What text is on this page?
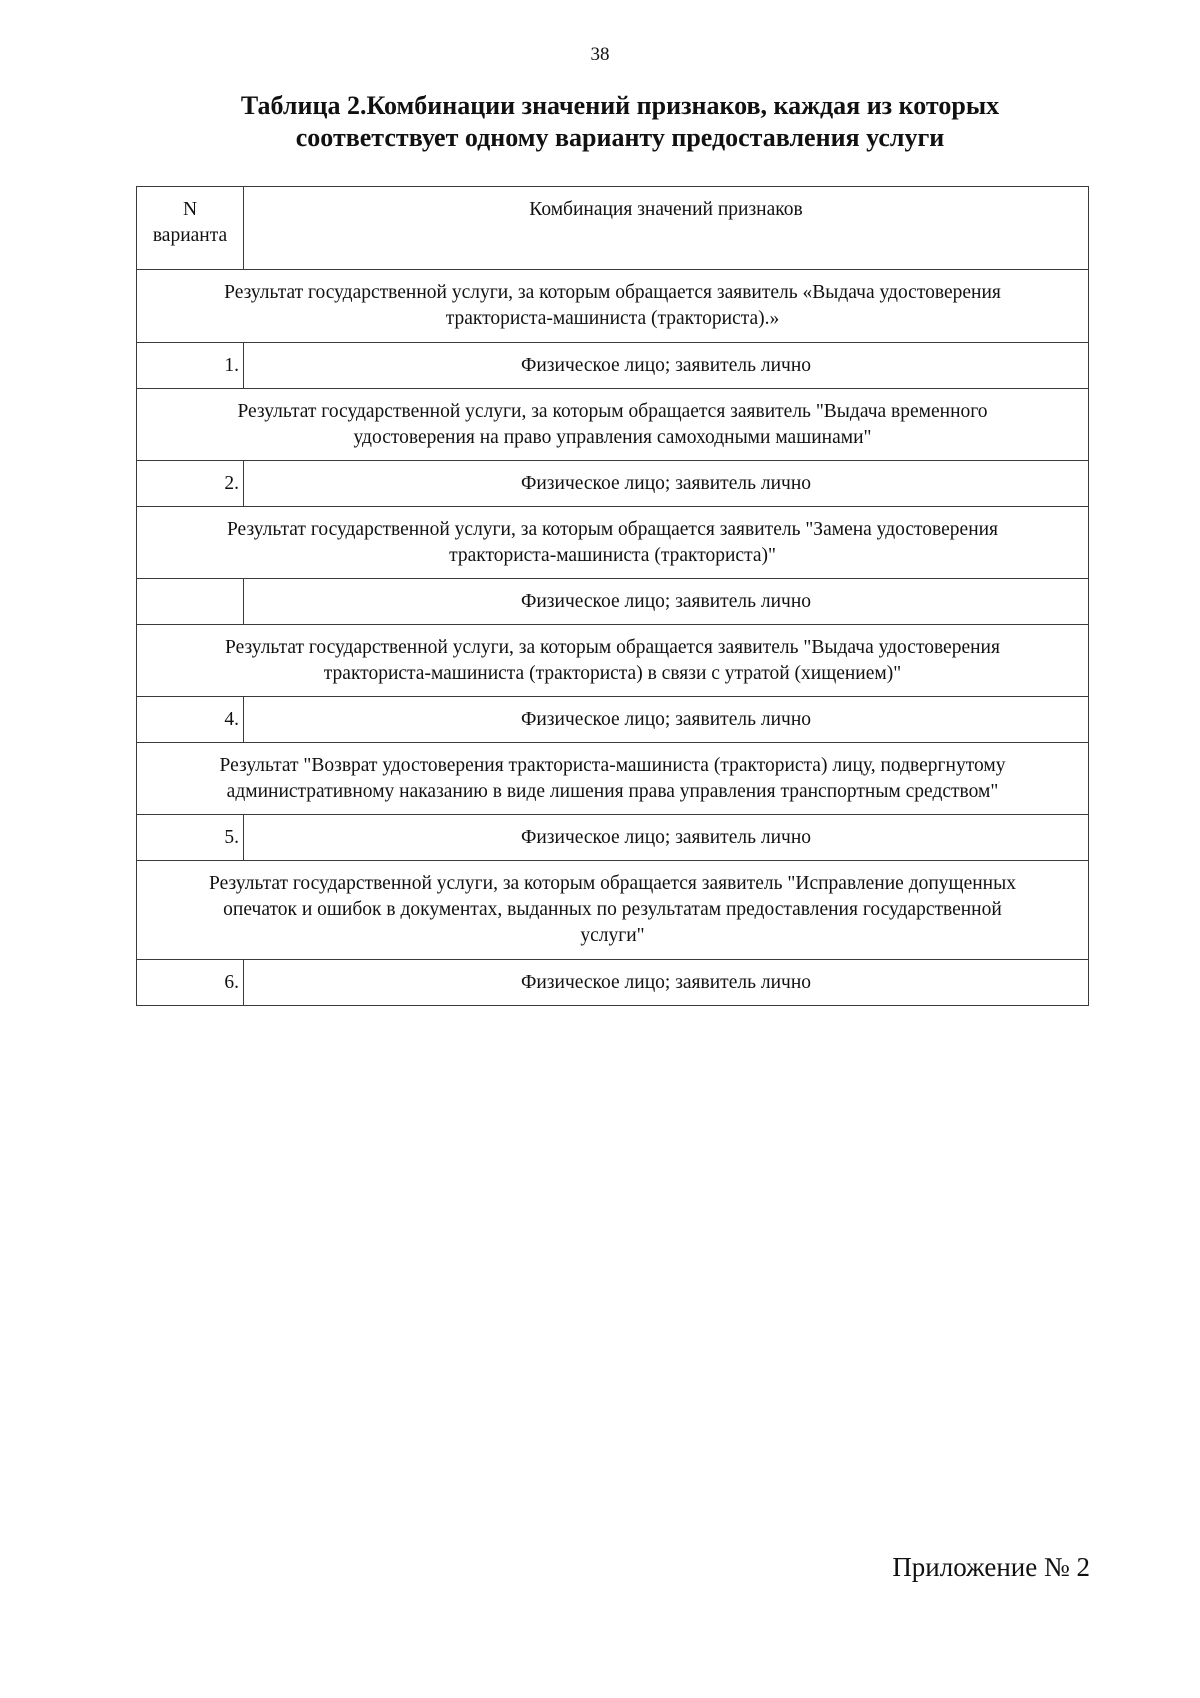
38
Таблица 2.Комбинации значений признаков, каждая из которых
соответствует одному варианту предоставления услуги
N
варианта	Комбинация значений признаков

Результат государственной услуги, за которым обращается заявитель «Выдача удостоверения
тракториста-машиниста (тракториста).»	

1.	Физическое лицо; заявитель лично

Результат государственной услуги, за которым обращается заявитель "Выдача временного
удостоверения на право управления самоходными машинами"	

2.	Физическое лицо; заявитель лично

Результат государственной услуги, за которым обращается заявитель "Замена удостоверения
тракториста-машиниста (тракториста)"	

	Физическое лицо; заявитель лично

Результат государственной услуги, за которым обращается заявитель "Выдача удостоверения
тракториста-машиниста (тракториста) в связи с утратой (хищением)"	

4.	Физическое лицо; заявитель лично

Результат "Возврат удостоверения тракториста-машиниста (тракториста) лицу, подвергнутому
административному наказанию в виде лишения права управления транспортным средством"	

5.	Физическое лицо; заявитель лично

Результат государственной услуги, за которым обращается заявитель "Исправление допущенных
опечаток и ошибок в документах, выданных по результатам предоставления государственной
услуги"	

6.	Физическое лицо; заявитель лично
Приложение № 2
